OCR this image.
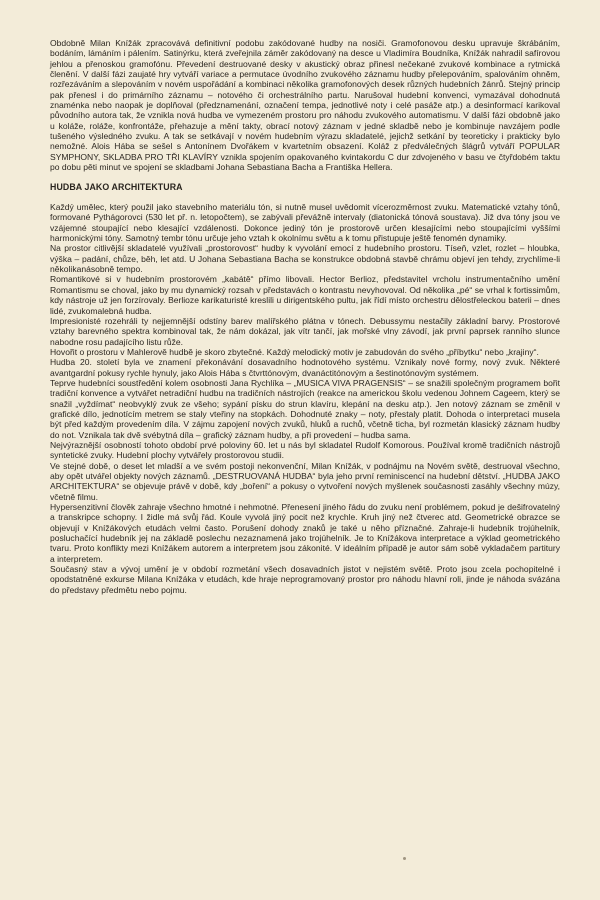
Obdobně Milan Knížák zpracovává definitivní podobu zakódované hudby na nosiči. Gramofonovou desku upravuje škrábáním, bodáním, lámáním i pálením. Satinýrku, která zveřejnila záměr zakódovaný na desce u Vladimíra Boudníka, Knížák nahradil safírovou jehlou a přenoskou gramofónu. Převedení destruované desky v akustický obraz přinesl nečekané zvukové kombinace a rytmická členění. V další fázi zaujaté hry vytváří variace a permutace úvodního zvukového záznamu hudby přelepováním, spalováním ohněm, rozřezáváním a slepováním v novém uspořádání a kombinaci několika gramofonových desek různých hudebních žánrů. Stejný princip pak přenesl i do primárního záznamu – notového či orchestrálního partu. Narušoval hudební konvenci, vymazával dohodnutá znaménka nebo naopak je doplňoval (předznamenání, označení tempa, jednotlivé noty i celé pasáže atp.) a desinformací karikoval původního autora tak, že vznikla nová hudba ve vymezeném prostoru pro náhodu zvukového automatismu. V další fázi obdobně jako u koláže, roláže, konfrontáže, přehazuje a mění takty, obrací notový záznam v jedné skladbě nebo je kombinuje navzájem podle tušeného výsledného zvuku. A tak se setkávají v novém hudebním výrazu skladatelé, jejichž setkání by teoreticky i prakticky bylo nemožné. Alois Hába se sešel s Antonínem Dvořákem v kvartetním obsazení. Koláž z předválečných šlágrů vytváří POPULAR SYMPHONY, SKLADBA PRO TŘI KLAVÍRY vznikla spojením opakovaného kvintakordu C dur zdvojeného v basu ve čtyřdobém taktu po dobu pěti minut ve spojení se skladbami Johana Sebastiana Bacha a Františka Hellera.

HUDBA JAKO ARCHITEKTURA

Každý umělec, který použil jako stavebního materiálu tón, si nutně musel uvědomit vícerozměrnost zvuku. Matematické vztahy tónů, formované Pythágorovci (530 let př. n. letopočtem), se zabývali převážně intervaly (diatonická tónová soustava). Již dva tóny jsou ve vzájemné stoupající nebo klesající vzdálenosti. Dokonce jediný tón je prostorově určen klesajícími nebo stoupajícími vyššími harmonickými tóny. Samotný tembr tónu určuje jeho vztah k okolnímu světu a k tomu přistupuje ještě fenomén dynamiky.

Na prostor citlivější skladatelé využívali „prostorovost“ hudby k vyvolání emocí z hudebního prostoru. Tíseň, vzlet, rozlet – hloubka, výška – padání, chůze, běh, let atd. U Johana Sebastiana Bacha se konstrukce obdobná stavbě chrámu objeví jen tehdy, zrychlíme-li několikanásobně tempo.

Romantikové si v hudebním prostorovém „kabátě“ přímo libovali. Hector Berlioz, představitel vrcholu instrumentačního umění Romantismu se choval, jako by mu dynamický rozsah v představách o kontrastu nevyhovoval. Od několika „pé“ se vrhal k fortissimům, kdy nástroje už jen forzírovaly. Berlioze karikaturisté kreslili u dirigentského pultu, jak řídí místo orchestru dělostřeleckou baterii – dnes lidé, zvukomalebná hudba.

Impresionisté rozehráli ty nejjemnější odstíny barev malířského plátna v tónech. Debussymu nestačily základní barvy. Prostorové vztahy barevného spektra kombinoval tak, že nám dokázal, jak vítr tančí, jak mořské vlny závodí, jak první paprsek ranního slunce nabodne rosu padajícího listu růže.

Hovořit o prostoru v Mahlerově hudbě je skoro zbytečné. Každý melodický motiv je zabudován do svého „příbytku“ nebo „krajiny“.

Hudba 20. století byla ve znamení překonávání dosavadního hodnotového systému. Vznikaly nové formy, nový zvuk. Některé avantgardní pokusy rychle hynuly, jako Alois Hába s čtvrttónovým, dvanáctitónovým a šestinotónovým systémem.

Teprve hudebníci soustředění kolem osobnosti Jana Rychlíka – „MUSICA VIVA PRAGENSIS“ – se snažili společným programem bořit tradiční konvence a vytvářet netradiční hudbu na tradičních nástrojích (reakce na americkou školu vedenou Johnem Cageem, který se snažil „vyždímat“ neobvyklý zvuk ze všeho; sypání písku do strun klavíru, klepání na desku atp.). Jen notový záznam se změnil v grafické dílo, jednotícím metrem se staly vteřiny na stopkách. Dohodnuté znaky – noty, přestaly platit. Dohoda o interpretaci musela být před každým provedením díla. V zájmu zapojení nových zvuků, hluků a ruchů, včetně ticha, byl rozmetán klasický záznam hudby do not. Vznikala tak dvě svébytná díla – grafický záznam hudby, a při provedení – hudba sama.

Nejvýraznější osobností tohoto období prvé poloviny 60. let u nás byl skladatel Rudolf Komorous. Používal kromě tradičních nástrojů syntetické zvuky. Hudební plochy vytvářely prostorovou studii.

Ve stejné době, o deset let mladší a ve svém postoji nekonvenční, Milan Knížák, v podnájmu na Novém světě, destruoval všechno, aby opět utvářel objekty nových záznamů. „DESTRUOVANÁ HUDBA“ byla jeho první reminiscencí na hudební dětství. „HUDBA JAKO ARCHITEKTURA“ se objevuje právě v době, kdy „boření“ a pokusy o vytvoření nových myšlenek současnosti zasáhly všechny múzy, včetně filmu.

Hypersenzitivní člověk zahraje všechno hmotné i nehmotné. Přenesení jiného řádu do zvuku není problémem, pokud je dešifrovatelný a transkripce schopny. I židle má svůj řád. Koule vyvolá jiný pocit než krychle. Kruh jiný než čtverec atd. Geometrické obrazce se objevují v Knížákových etudách velmi často. Porušení dohody znaků je také u něho příznačné. Zahraje-li hudebník trojúhelník, posluchačící hudebník jej na základě poslechu nezaznamená jako trojúhelník. Je to Knížákova interpretace a výklad geometrického tvaru. Proto konflikty mezi Knížákem autorem a interpretem jsou zákonité. V ideálním případě je autor sám sobě vykladačem partitury a interpretem.

Současný stav a vývoj umění je v období rozmetání všech dosavadních jistot v nejistém světě. Proto jsou zcela pochopitelné i opodstatněné exkurse Milana Knížáka v etudách, kde hraje neprogramovaný prostor pro náhodu hlavní roli, jinde je náhoda svázána do představy předmětu nebo pojmu.
